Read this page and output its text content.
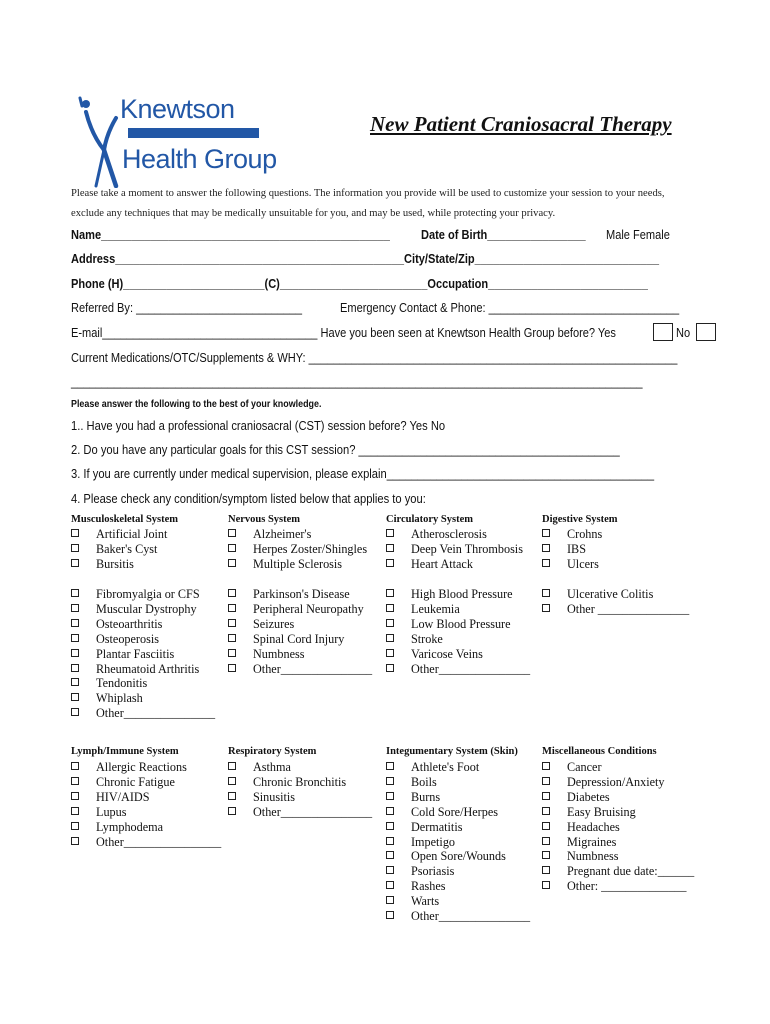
Knewtson
Health Group
New Patient Craniosacral Therapy
Please take a moment to answer the following questions. The information you provide will be used to customize your session to your needs,
exclude any techniques that may be medically unsuitable for you, and may be used, while protecting your privacy.
Name_______________________________________________ Date of Birth________________ Male Female
Address_______________________________________________City/State/Zip______________________________
Phone (H)_______________________(C)________________________Occupation__________________________
Referred By: ___________________________	Emergency Contact & Phone: _______________________________
E-mail___________________________________ Have you been seen at Knewtson Health Group before? Yes	No
Current Medications/OTC/Supplements & WHY: ____________________________________________________________
_____________________________________________________________________________________________
Please answer the following to the best of your knowledge.
1.. Have you had a professional craniosacral (CST) session before? Yes No
2. Do you have any particular goals for this CST session? __________________________________________
3. If you are currently under medical supervision, please explain___________________________________________
4. Please check any condition/symptom listed below that applies to you:
Musculoskeletal System
Artificial Joint
Baker's Cyst
Bursitis
Fibromyalgia or CFS
Muscular Dystrophy
Osteoarthritis
Osteoperosis
Plantar Fasciitis
Rheumatoid Arthritis
Tendonitis
Whiplash
Other_______________
Nervous System
Alzheimer's
Herpes Zoster/Shingles
Multiple Sclerosis
Parkinson's Disease
Peripheral Neuropathy
Seizures
Spinal Cord Injury
Numbness
Other_______________
Circulatory System
Atherosclerosis
Deep Vein Thrombosis
Heart Attack
High Blood Pressure
Leukemia
Low Blood Pressure
Stroke
Varicose Veins
Other_______________
Digestive System
Crohns
IBS
Ulcers
Ulcerative Colitis
Other _______________
Lymph/Immune System
Allergic Reactions
Chronic Fatigue
HIV/AIDS
Lupus
Lymphodema
Other________________
Respiratory System
Asthma
Chronic Bronchitis
Sinusitis
Other_______________
Integumentary System (Skin)
Athlete's Foot
Boils
Burns
Cold Sore/Herpes
Dermatitis
Impetigo
Open Sore/Wounds
Psoriasis
Rashes
Warts
Other_______________
Miscellaneous Conditions
Cancer
Depression/Anxiety
Diabetes
Easy Bruising
Headaches
Migraines
Numbness
Pregnant due date:______
Other: ______________
